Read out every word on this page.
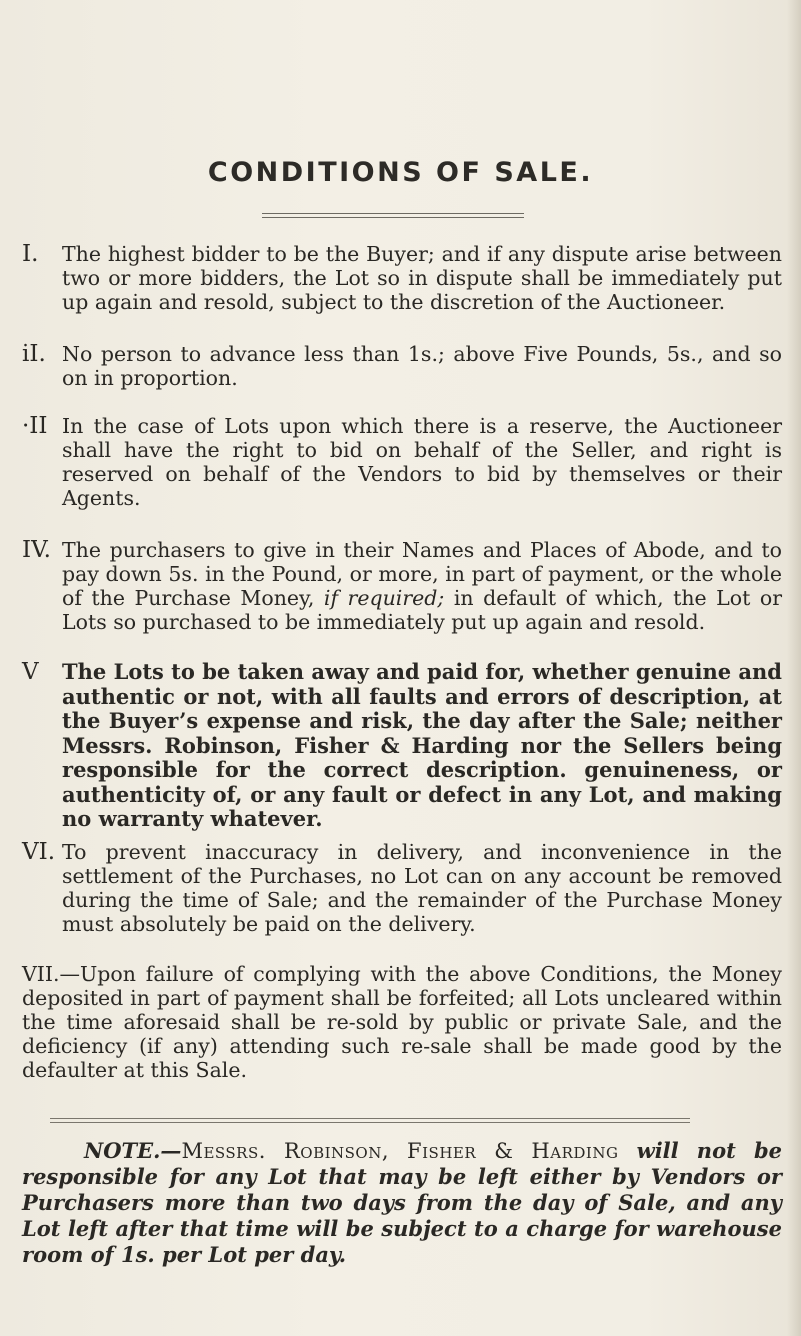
CONDITIONS OF SALE.
I. The highest bidder to be the Buyer; and if any dispute arise between two or more bidders, the Lot so in dispute shall be immediately put up again and resold, subject to the discretion of the Auctioneer.
iI. No person to advance less than 1s.; above Five Pounds, 5s., and so on in proportion.
·II In the case of Lots upon which there is a reserve, the Auctioneer shall have the right to bid on behalf of the Seller, and right is reserved on behalf of the Vendors to bid by themselves or their Agents.
IV. The purchasers to give in their Names and Places of Abode, and to pay down 5s. in the Pound, or more, in part of payment, or the whole of the Purchase Money, if required; in default of which, the Lot or Lots so purchased to be immediately put up again and resold.
V The Lots to be taken away and paid for, whether genuine and authentic or not, with all faults and errors of description, at the Buyer’s expense and risk, the day after the Sale; neither Messrs. Robinson, Fisher & Harding nor the Sellers being responsible for the correct description. genuineness, or authenticity of, or any fault or defect in any Lot, and making no warranty whatever.
VI. To prevent inaccuracy in delivery, and inconvenience in the settlement of the Purchases, no Lot can on any account be removed during the time of Sale; and the remainder of the Purchase Money must absolutely be paid on the delivery.
VII.—Upon failure of complying with the above Conditions, the Money deposited in part of payment shall be forfeited; all Lots uncleared within the time aforesaid shall be re-sold by public or private Sale, and the deficiency (if any) attending such re-sale shall be made good by the defaulter at this Sale.
NOTE.—Messrs. Robinson, Fisher & Harding will not be responsible for any Lot that may be left either by Vendors or Purchasers more than two days from the day of Sale, and any Lot left after that time will be subject to a charge for warehouse room of 1s. per Lot per day.
